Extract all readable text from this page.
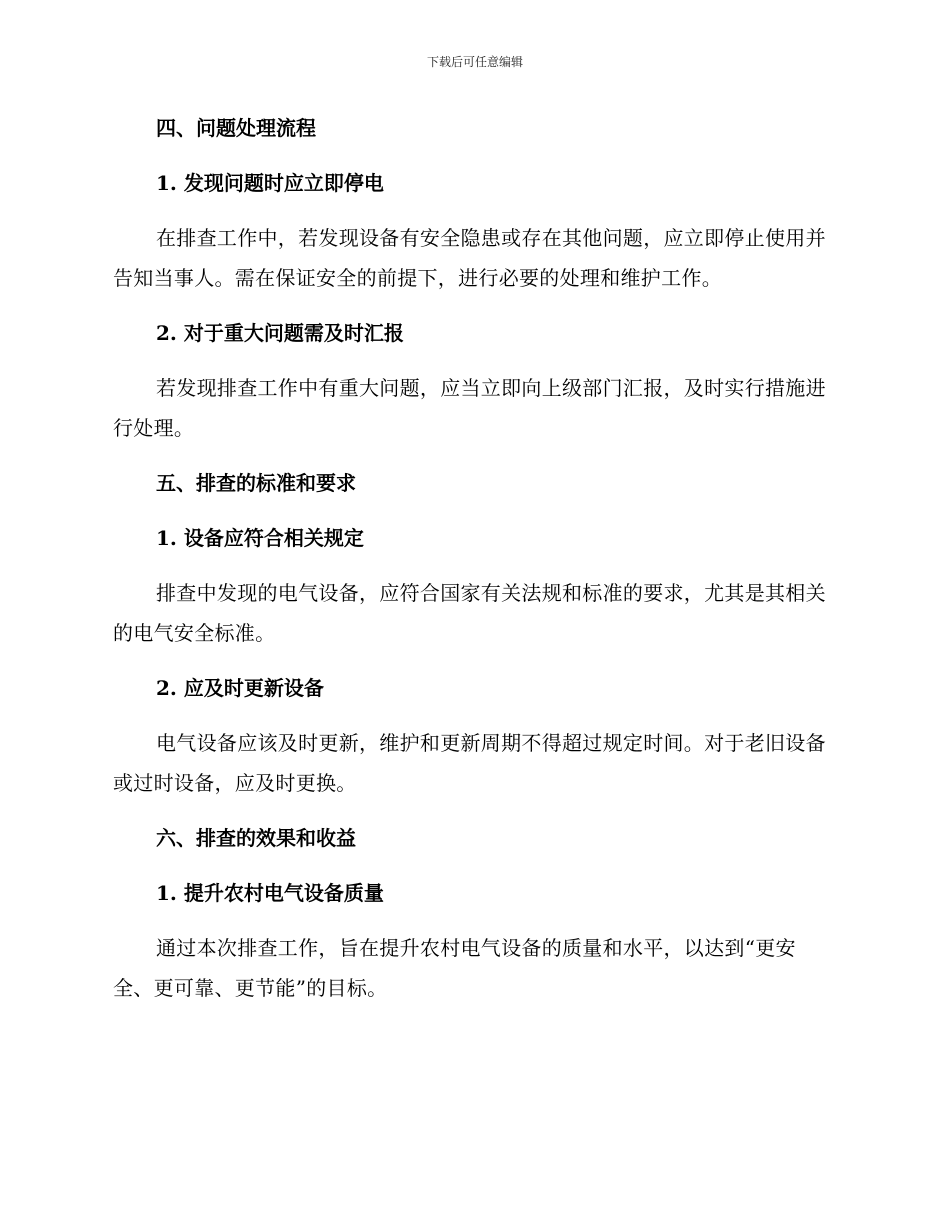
下载后可任意编辑
四、问题处理流程
1. 发现问题时应立即停电
在排查工作中，若发现设备有安全隐患或存在其他问题，应立即停止使用并告知当事人。需在保证安全的前提下，进行必要的处理和维护工作。
2. 对于重大问题需及时汇报
若发现排查工作中有重大问题，应当立即向上级部门汇报，及时实行措施进行处理。
五、排查的标准和要求
1. 设备应符合相关规定
排查中发现的电气设备，应符合国家有关法规和标准的要求，尤其是其相关的电气安全标准。
2. 应及时更新设备
电气设备应该及时更新，维护和更新周期不得超过规定时间。对于老旧设备或过时设备，应及时更换。
六、排查的效果和收益
1. 提升农村电气设备质量
通过本次排查工作，旨在提升农村电气设备的质量和水平，以达到“更安全、更可靠、更节能”的目标。
